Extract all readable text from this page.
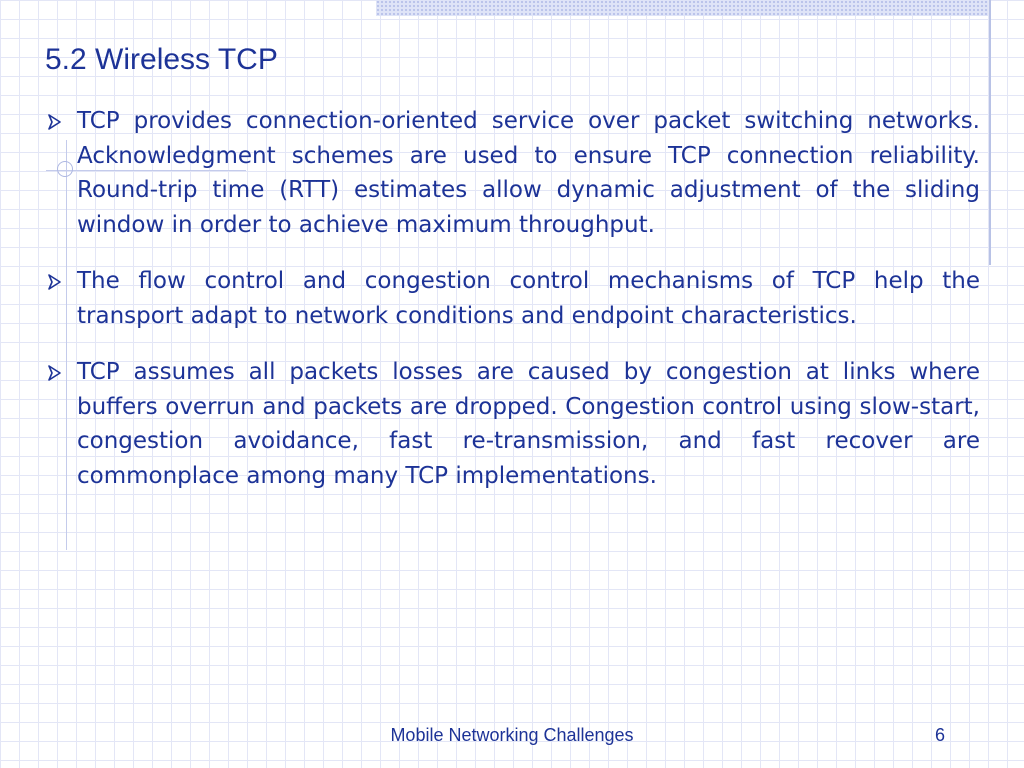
5.2 Wireless TCP

TCP provides connection-oriented service over packet switching networks. Acknowledgment schemes are used to ensure TCP connection reliability. Round-trip time (RTT) estimates allow dynamic adjustment of the sliding window in order to achieve maximum throughput.

The flow control and congestion control mechanisms of TCP help the transport adapt to network conditions and endpoint characteristics.

TCP assumes all packets losses are caused by congestion at links where buffers overrun and packets are dropped. Congestion control using slow-start, congestion avoidance, fast re-transmission, and fast recover are commonplace among many TCP implementations.

Mobile Networking Challenges	6
